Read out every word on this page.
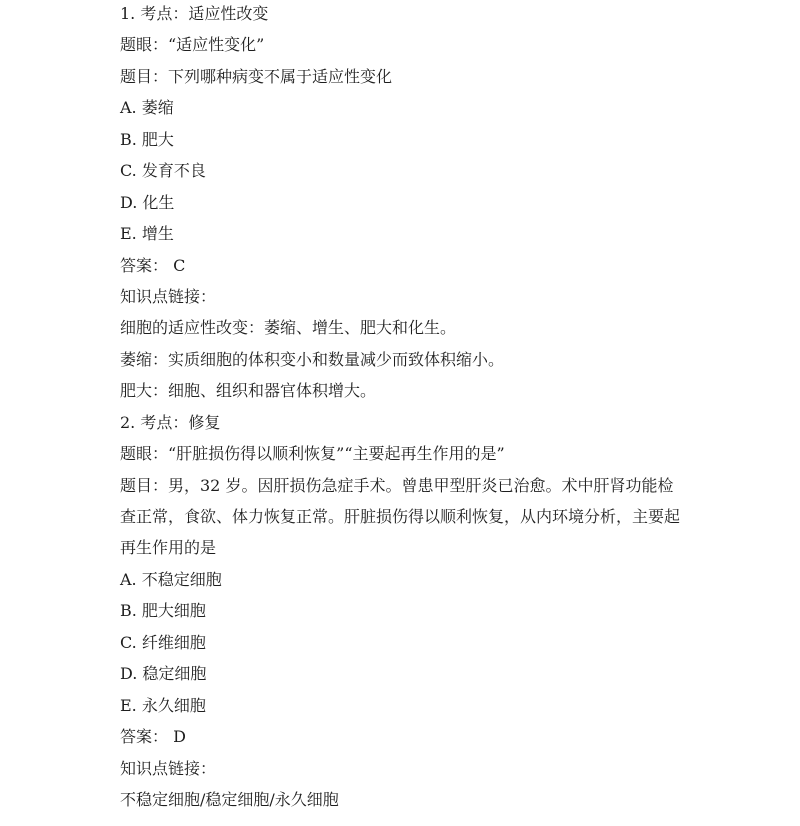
1. 考点：适应性改变
题眼：“适应性变化”
题目：下列哪种病变不属于适应性变化
A. 萎缩
B. 肥大
C. 发育不良
D. 化生
E. 增生
答案： C
知识点链接：
细胞的适应性改变：萎缩、增生、肥大和化生。
萎缩：实质细胞的体积变小和数量减少而致体积缩小。
肥大：细胞、组织和器官体积增大。
2. 考点：修复
题眼：“肝脏损伤得以顺利恢复”“主要起再生作用的是”
题目：男，32 岁。因肝损伤急症手术。曾患甲型肝炎已治愈。术中肝肾功能检
查正常，食欲、体力恢复正常。肝脏损伤得以顺利恢复，从内环境分析，主要起
再生作用的是
A. 不稳定细胞
B. 肥大细胞
C. 纤维细胞
D. 稳定细胞
E. 永久细胞
答案： D
知识点链接：
不稳定细胞/稳定细胞/永久细胞
